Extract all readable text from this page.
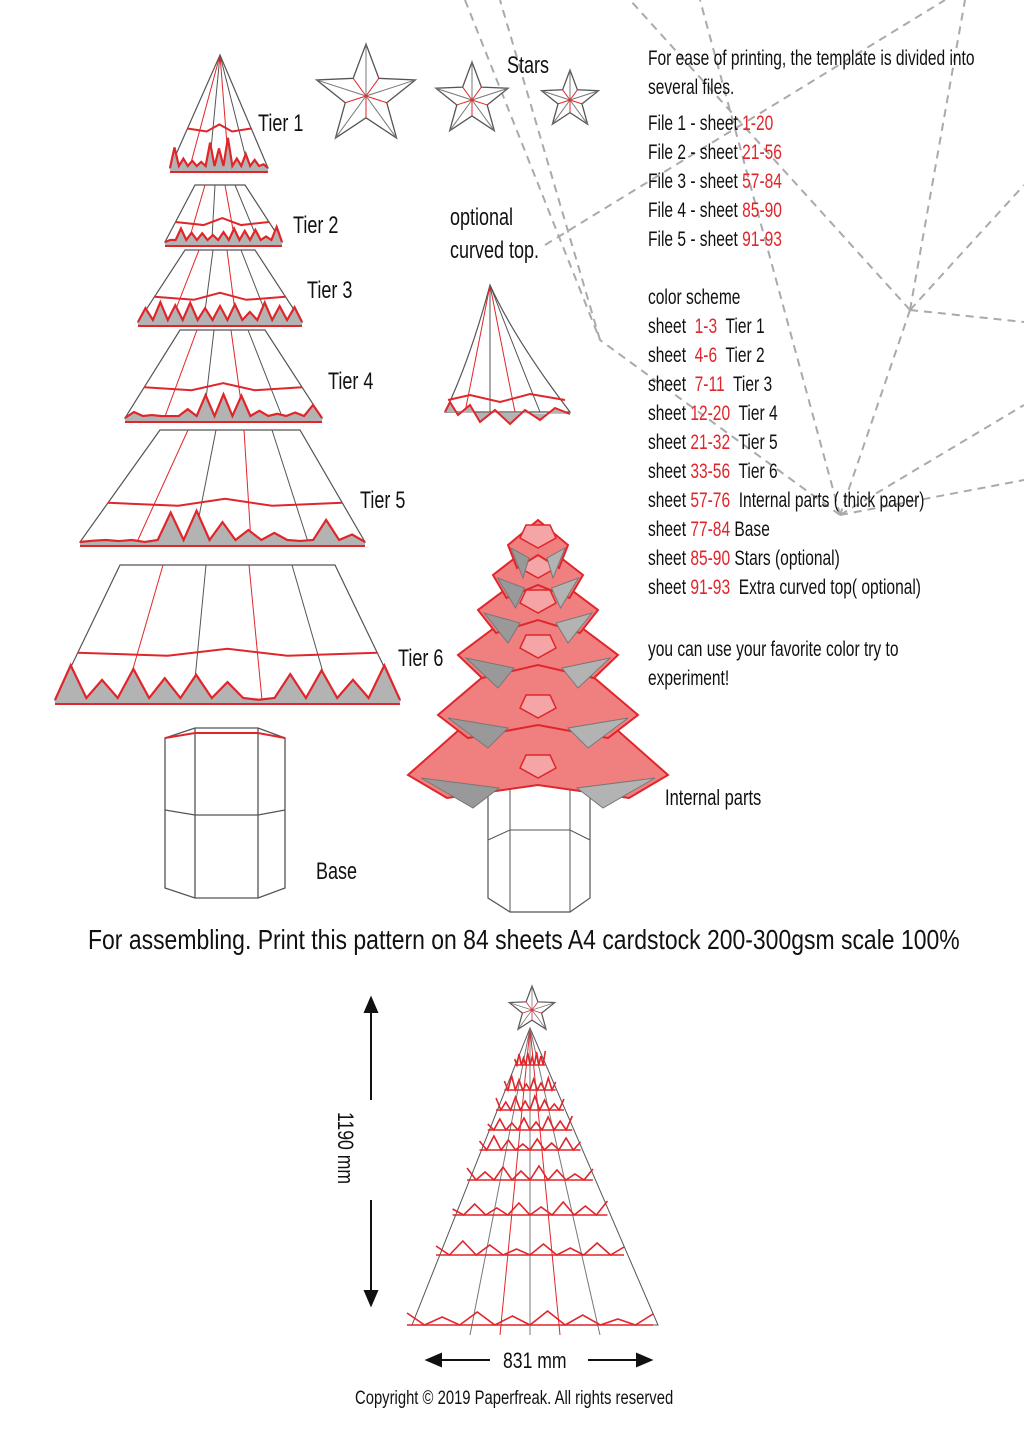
Stars
Tier 1
Tier 2
Tier 3
Tier 4
Tier 5
Tier 6
Base
optional
curved top.
Internal parts
For ease of printing, the template is divided into
several files.
File 1 - sheet 1-20
File 2 - sheet 21-56
File 3 - sheet 57-84
File 4 - sheet 85-90
File 5 - sheet 91-93
color scheme
sheet  1-3  Tier 1
sheet  4-6  Tier 2
sheet  7-11  Tier 3
sheet 12-20  Tier 4
sheet 21-32  Tier 5
sheet 33-56  Tier 6
sheet 57-76  Internal parts ( thick paper)
sheet 77-84 Base
sheet 85-90 Stars (optional)
sheet 91-93  Extra curved top( optional)
you can use your favorite color try to
experiment!
For assembling. Print this pattern on 84 sheets A4 cardstock 200-300gsm scale 100%
1190 mm
831 mm
Copyright © 2019 Paperfreak. All rights reserved
